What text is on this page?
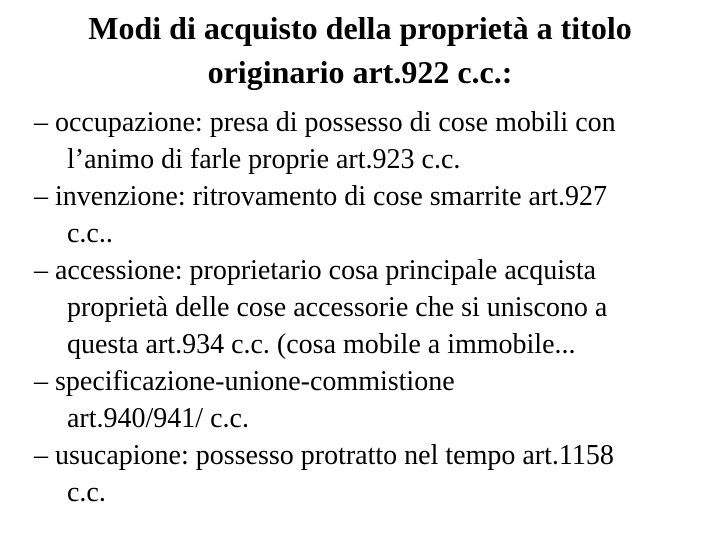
Modi di acquisto della proprietà a titolo
originario art.922 c.c.:
– occupazione: presa di possesso di cose mobili con
l’animo di farle proprie art.923 c.c.
– invenzione: ritrovamento di cose smarrite art.927
c.c..
– accessione: proprietario cosa principale acquista
proprietà delle cose accessorie che si uniscono a
questa art.934 c.c. (cosa mobile a immobile...
– specificazione-unione-commistione
art.940/941/ c.c.
– usucapione: possesso protratto nel tempo art.1158
c.c.
